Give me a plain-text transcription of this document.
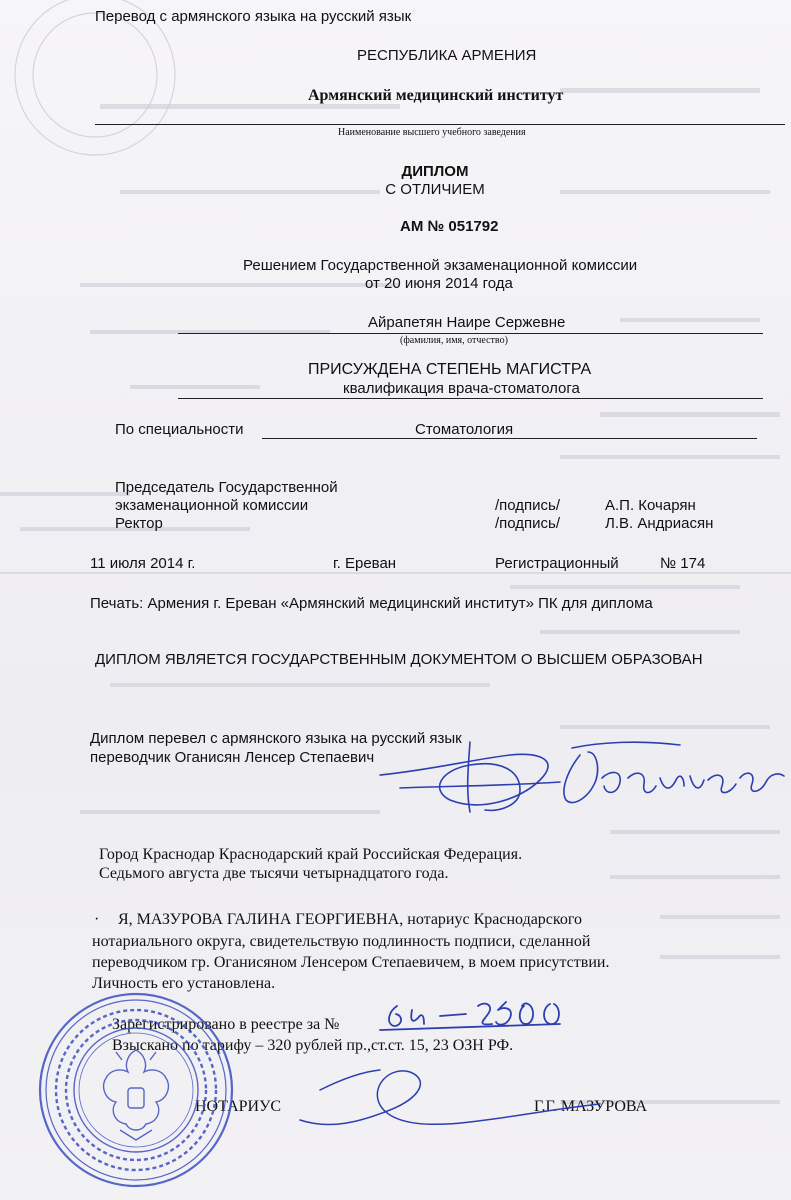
Перевод с армянского языка на русский язык
РЕСПУБЛИКА АРМЕНИЯ
Армянский медицинский институт
Наименование высшего учебного заведения
ДИПЛОМ
С ОТЛИЧИЕМ
АМ № 051792
Решением Государственной экзаменационной комиссии
от 20 июня 2014 года
Айрапетян Наире Сержевне
(фамилия, имя, отчество)
ПРИСУЖДЕНА СТЕПЕНЬ МАГИСТРА
квалификация врача-стоматолога
По специальности	Стоматология
Председатель Государственной
экзаменационной комиссии	/подпись/	А.П. Кочарян
Ректор	/подпись/	Л.В. Андриасян
11 июля 2014 г.	г. Ереван	Регистрационный	№ 174
Печать: Армения г. Ереван «Армянский медицинский институт» ПК для диплома
ДИПЛОМ ЯВЛЯЕТСЯ ГОСУДАРСТВЕННЫМ ДОКУМЕНТОМ О ВЫСШЕМ ОБРАЗОВАН
Диплом перевел с армянского языка на русский язык
переводчик Оганисян Ленсер Степаевич
Город Краснодар Краснодарский край Российская Федерация.
Седьмого августа две тысячи четырнадцатого года.
· Я, МАЗУРОВА ГАЛИНА ГЕОРГИЕВНА, нотариус Краснодарского
нотариального округа, свидетельствую подлинность подписи, сделанной
переводчиком гр. Оганисяном Ленсером Степаевичем, в моем присутствии.
Личность его установлена.
Зарегистрировано в реестре за №
Взыскано по тарифу – 320 рублей пр.,ст.ст. 15, 23 ОЗН РФ.
НОТАРИУС	Г.Г. МАЗУРОВА
